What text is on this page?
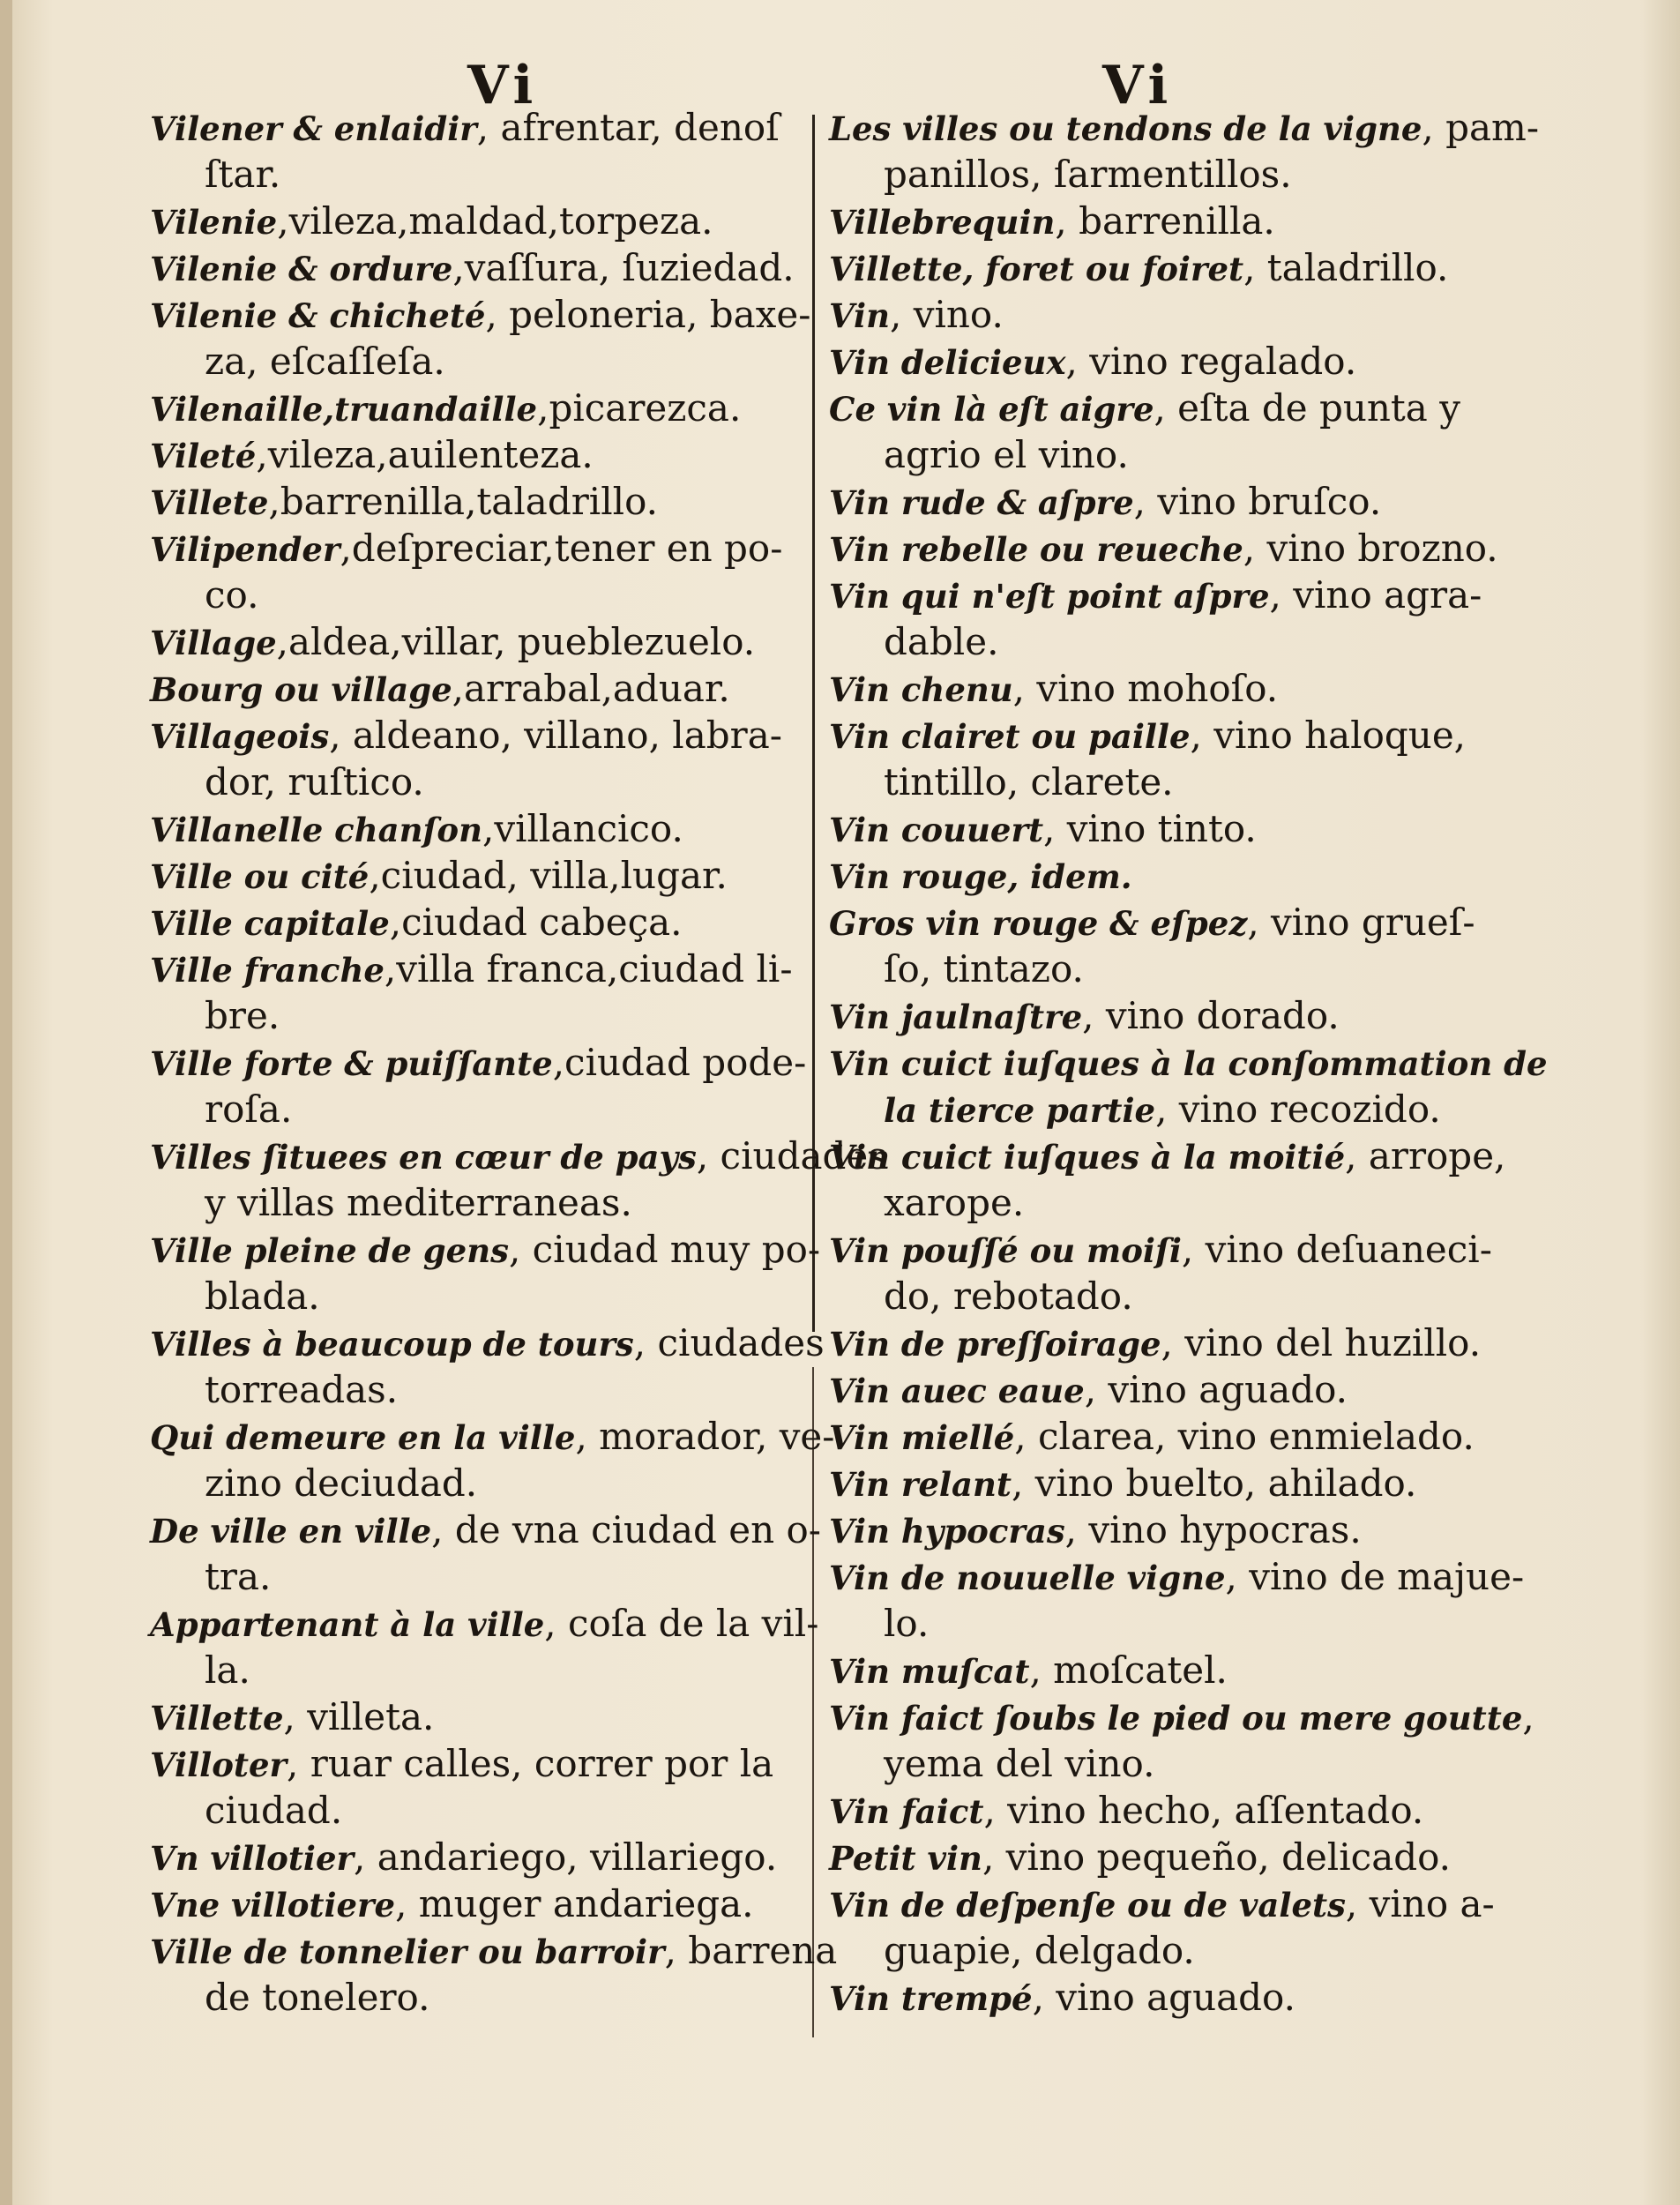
Vi	Vi
Vilener & enlaidir, afrentar, denoſ
ſtar.
Vilenie,vileza,maldad,torpeza.
Vilenie & ordure,vaſſura, ſuziedad.
Vilenie & chicheté, peloneria, baxe-
za, eſcaſſeſa.
Vilenaille,truandaille,picarezca.
Vileté,vileza,auilenteza.
Villete,barrenilla,taladrillo.
Vilipender,deſpreciar,tener en po-
co.
Village,aldea,villar, pueblezuelo.
Bourg ou village,arrabal,aduar.
Villageois, aldeano, villano, labra-
dor, ruſtico.
Villanelle chanſon,villancico.
Ville ou cité,ciudad, villa,lugar.
Ville capitale,ciudad cabeça.
Ville franche,villa franca,ciudad li-
bre.
Ville forte & puiſſante,ciudad pode-
roſa.
Villes ſituees en cœur de pays, ciudades
y villas mediterraneas.
Ville pleine de gens, ciudad muy po-
blada.
Villes à beaucoup de tours, ciudades
torreadas.
Qui demeure en la ville, morador, ve-
zino deciudad.
De ville en ville, de vna ciudad en o-
tra.
Appartenant à la ville, coſa de la vil-
la.
Villette, villeta.
Villoter, ruar calles, correr por la
ciudad.
Vn villotier, andariego, villariego.
Vne villotiere, muger andariega.
Ville de tonnelier ou barroir, barrena
de tonelero.
Les villes ou tendons de la vigne, pam-
panillos, ſarmentillos.
Villebrequin, barrenilla.
Villette, foret ou foiret, taladrillo.
Vin, vino.
Vin delicieux, vino regalado.
Ce vin là eſt aigre, eſta de punta y
agrio el vino.
Vin rude & aſpre, vino bruſco.
Vin rebelle ou reueche, vino brozno.
Vin qui n'eſt point aſpre, vino agra-
dable.
Vin chenu, vino mohoſo.
Vin clairet ou paille, vino haloque,
tintillo, clarete.
Vin couuert, vino tinto.
Vin rouge, idem.
Gros vin rouge & eſpez, vino grueſ-
ſo, tintazo.
Vin jaulnaſtre, vino dorado.
Vin cuict iuſques à la conſommation de
la tierce partie, vino recozido.
Vin cuict iuſques à la moitié, arrope,
xarope.
Vin pouſſé ou moiſi, vino deſuaneci-
do, rebotado.
Vin de preſſoirage, vino del huzillo.
Vin auec eaue, vino aguado.
Vin miellé, clarea, vino enmielado.
Vin relant, vino buelto, ahilado.
Vin hypocras, vino hypocras.
Vin de nouuelle vigne, vino de majue-
lo.
Vin muſcat, moſcatel.
Vin faict ſoubs le pied ou mere goutte,
yema del vino.
Vin faict, vino hecho, aſſentado.
Petit vin, vino pequeño, delicado.
Vin de deſpenſe ou de valets, vino a-
guapie, delgado.
Vin trempé, vino aguado.
